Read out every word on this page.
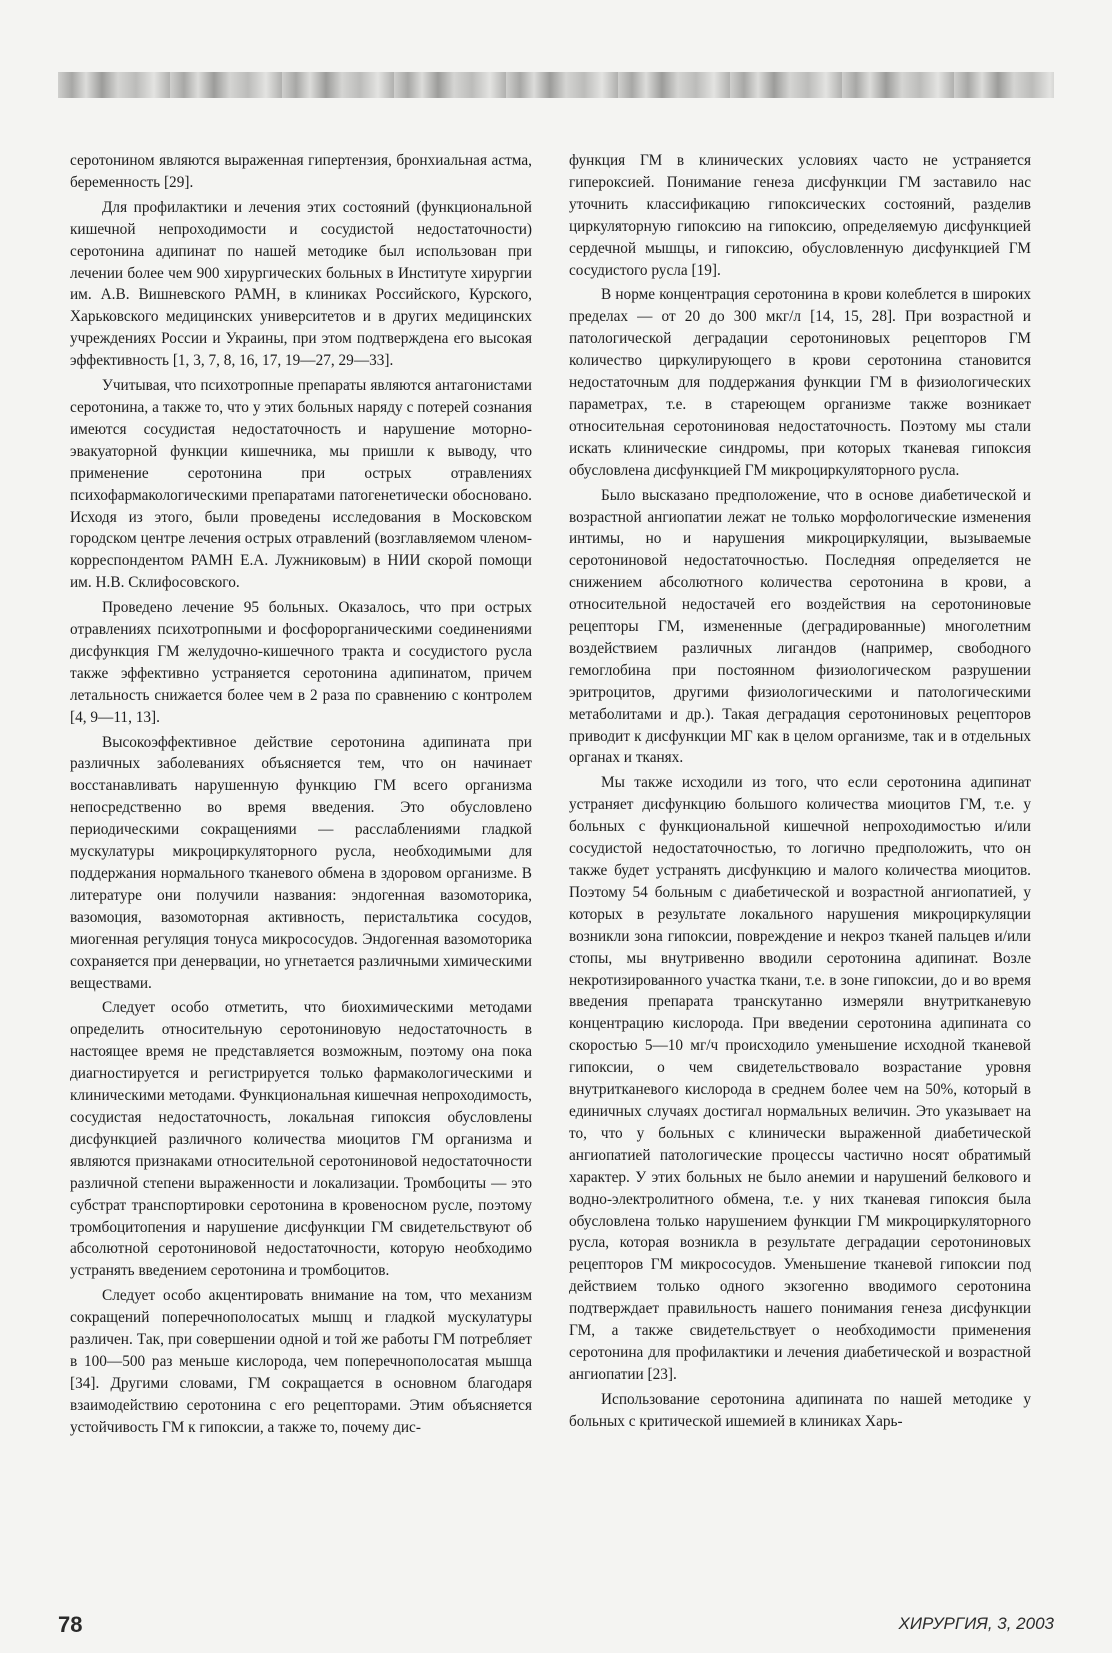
серотонином являются выраженная гипертензия, бронхиальная астма, беременность [29].

Для профилактики и лечения этих состояний (функциональной кишечной непроходимости и сосудистой недостаточности) серотонина адипинат по нашей методике был использован при лечении более чем 900 хирургических больных в Институте хирургии им. А.В. Вишневского РАМН, в клиниках Российского, Курского, Харьковского медицинских университетов и в других медицинских учреждениях России и Украины, при этом подтверждена его высокая эффективность [1, 3, 7, 8, 16, 17, 19—27, 29—33].

Учитывая, что психотропные препараты являются антагонистами серотонина, а также то, что у этих больных наряду с потерей сознания имеются сосудистая недостаточность и нарушение моторно-эвакуаторной функции кишечника, мы пришли к выводу, что применение серотонина при острых отравлениях психофармакологическими препаратами патогенетически обосновано. Исходя из этого, были проведены исследования в Московском городском центре лечения острых отравлений (возглавляемом членом-корреспондентом РАМН Е.А. Лужниковым) в НИИ скорой помощи им. Н.В. Склифосовского.

Проведено лечение 95 больных. Оказалось, что при острых отравлениях психотропными и фосфорорганическими соединениями дисфункция ГМ желудочно-кишечного тракта и сосудистого русла также эффективно устраняется серотонина адипинатом, причем летальность снижается более чем в 2 раза по сравнению с контролем [4, 9—11, 13].

Высокоэффективное действие серотонина адипината при различных заболеваниях объясняется тем, что он начинает восстанавливать нарушенную функцию ГМ всего организма непосредственно во время введения. Это обусловлено периодическими сокращениями — расслаблениями гладкой мускулатуры микроциркуляторного русла, необходимыми для поддержания нормального тканевого обмена в здоровом организме. В литературе они получили названия: эндогенная вазомоторика, вазомоция, вазомоторная активность, перистальтика сосудов, миогенная регуляция тонуса микрососудов. Эндогенная вазомоторика сохраняется при денервации, но угнетается различными химическими веществами.

Следует особо отметить, что биохимическими методами определить относительную серотониновую недостаточность в настоящее время не представляется возможным, поэтому она пока диагностируется и регистрируется только фармакологическими и клиническими методами. Функциональная кишечная непроходимость, сосудистая недостаточность, локальная гипоксия обусловлены дисфункцией различного количества миоцитов ГМ организма и являются признаками относительной серотониновой недостаточности различной степени выраженности и локализации. Тромбоциты — это субстрат транспортировки серотонина в кровеносном русле, поэтому тромбоцитопения и нарушение дисфункции ГМ свидетельствуют об абсолютной серотониновой недостаточности, которую необходимо устранять введением серотонина и тромбоцитов.

Следует особо акцентировать внимание на том, что механизм сокращений поперечнополосатых мышц и гладкой мускулатуры различен. Так, при совершении одной и той же работы ГМ потребляет в 100—500 раз меньше кислорода, чем поперечнополосатая мышца [34]. Другими словами, ГМ сокращается в основном благодаря взаимодействию серотонина с его рецепторами. Этим объясняется устойчивость ГМ к гипоксии, а также то, почему дис-

функция ГМ в клинических условиях часто не устраняется гипероксией. Понимание генеза дисфункции ГМ заставило нас уточнить классификацию гипоксических состояний, разделив циркуляторную гипоксию на гипоксию, определяемую дисфункцией сердечной мышцы, и гипоксию, обусловленную дисфункцией ГМ сосудистого русла [19].

В норме концентрация серотонина в крови колеблется в широких пределах — от 20 до 300 мкг/л [14, 15, 28]. При возрастной и патологической деградации серотониновых рецепторов ГМ количество циркулирующего в крови серотонина становится недостаточным для поддержания функции ГМ в физиологических параметрах, т.е. в стареющем организме также возникает относительная серотониновая недостаточность. Поэтому мы стали искать клинические синдромы, при которых тканевая гипоксия обусловлена дисфункцией ГМ микроциркуляторного русла.

Было высказано предположение, что в основе диабетической и возрастной ангиопатии лежат не только морфологические изменения интимы, но и нарушения микроциркуляции, вызываемые серотониновой недостаточностью. Последняя определяется не снижением абсолютного количества серотонина в крови, а относительной недостачей его воздействия на серотониновые рецепторы ГМ, измененные (деградированные) многолетним воздействием различных лигандов (например, свободного гемоглобина при постоянном физиологическом разрушении эритроцитов, другими физиологическими и патологическими метаболитами и др.). Такая деградация серотониновых рецепторов приводит к дисфункции МГ как в целом организме, так и в отдельных органах и тканях.

Мы также исходили из того, что если серотонина адипинат устраняет дисфункцию большого количества миоцитов ГМ, т.е. у больных с функциональной кишечной непроходимостью и/или сосудистой недостаточностью, то логично предположить, что он также будет устранять дисфункцию и малого количества миоцитов. Поэтому 54 больным с диабетической и возрастной ангиопатией, у которых в результате локального нарушения микроциркуляции возникли зона гипоксии, повреждение и некроз тканей пальцев и/или стопы, мы внутривенно вводили серотонина адипинат. Возле некротизированного участка ткани, т.е. в зоне гипоксии, до и во время введения препарата транскутанно измеряли внутритканевую концентрацию кислорода. При введении серотонина адипината со скоростью 5—10 мг/ч происходило уменьшение исходной тканевой гипоксии, о чем свидетельствовало возрастание уровня внутритканевого кислорода в среднем более чем на 50%, который в единичных случаях достигал нормальных величин. Это указывает на то, что у больных с клинически выраженной диабетической ангиопатией патологические процессы частично носят обратимый характер. У этих больных не было анемии и нарушений белкового и водно-электролитного обмена, т.е. у них тканевая гипоксия была обусловлена только нарушением функции ГМ микроциркуляторного русла, которая возникла в результате деградации серотониновых рецепторов ГМ микрососудов. Уменьшение тканевой гипоксии под действием только одного экзогенно вводимого серотонина подтверждает правильность нашего понимания генеза дисфункции ГМ, а также свидетельствует о необходимости применения серотонина для профилактики и лечения диабетической и возрастной ангиопатии [23].

Использование серотонина адипината по нашей методике у больных с критической ишемией в клиниках Харь-

78	ХИРУРГИЯ, 3, 2003
